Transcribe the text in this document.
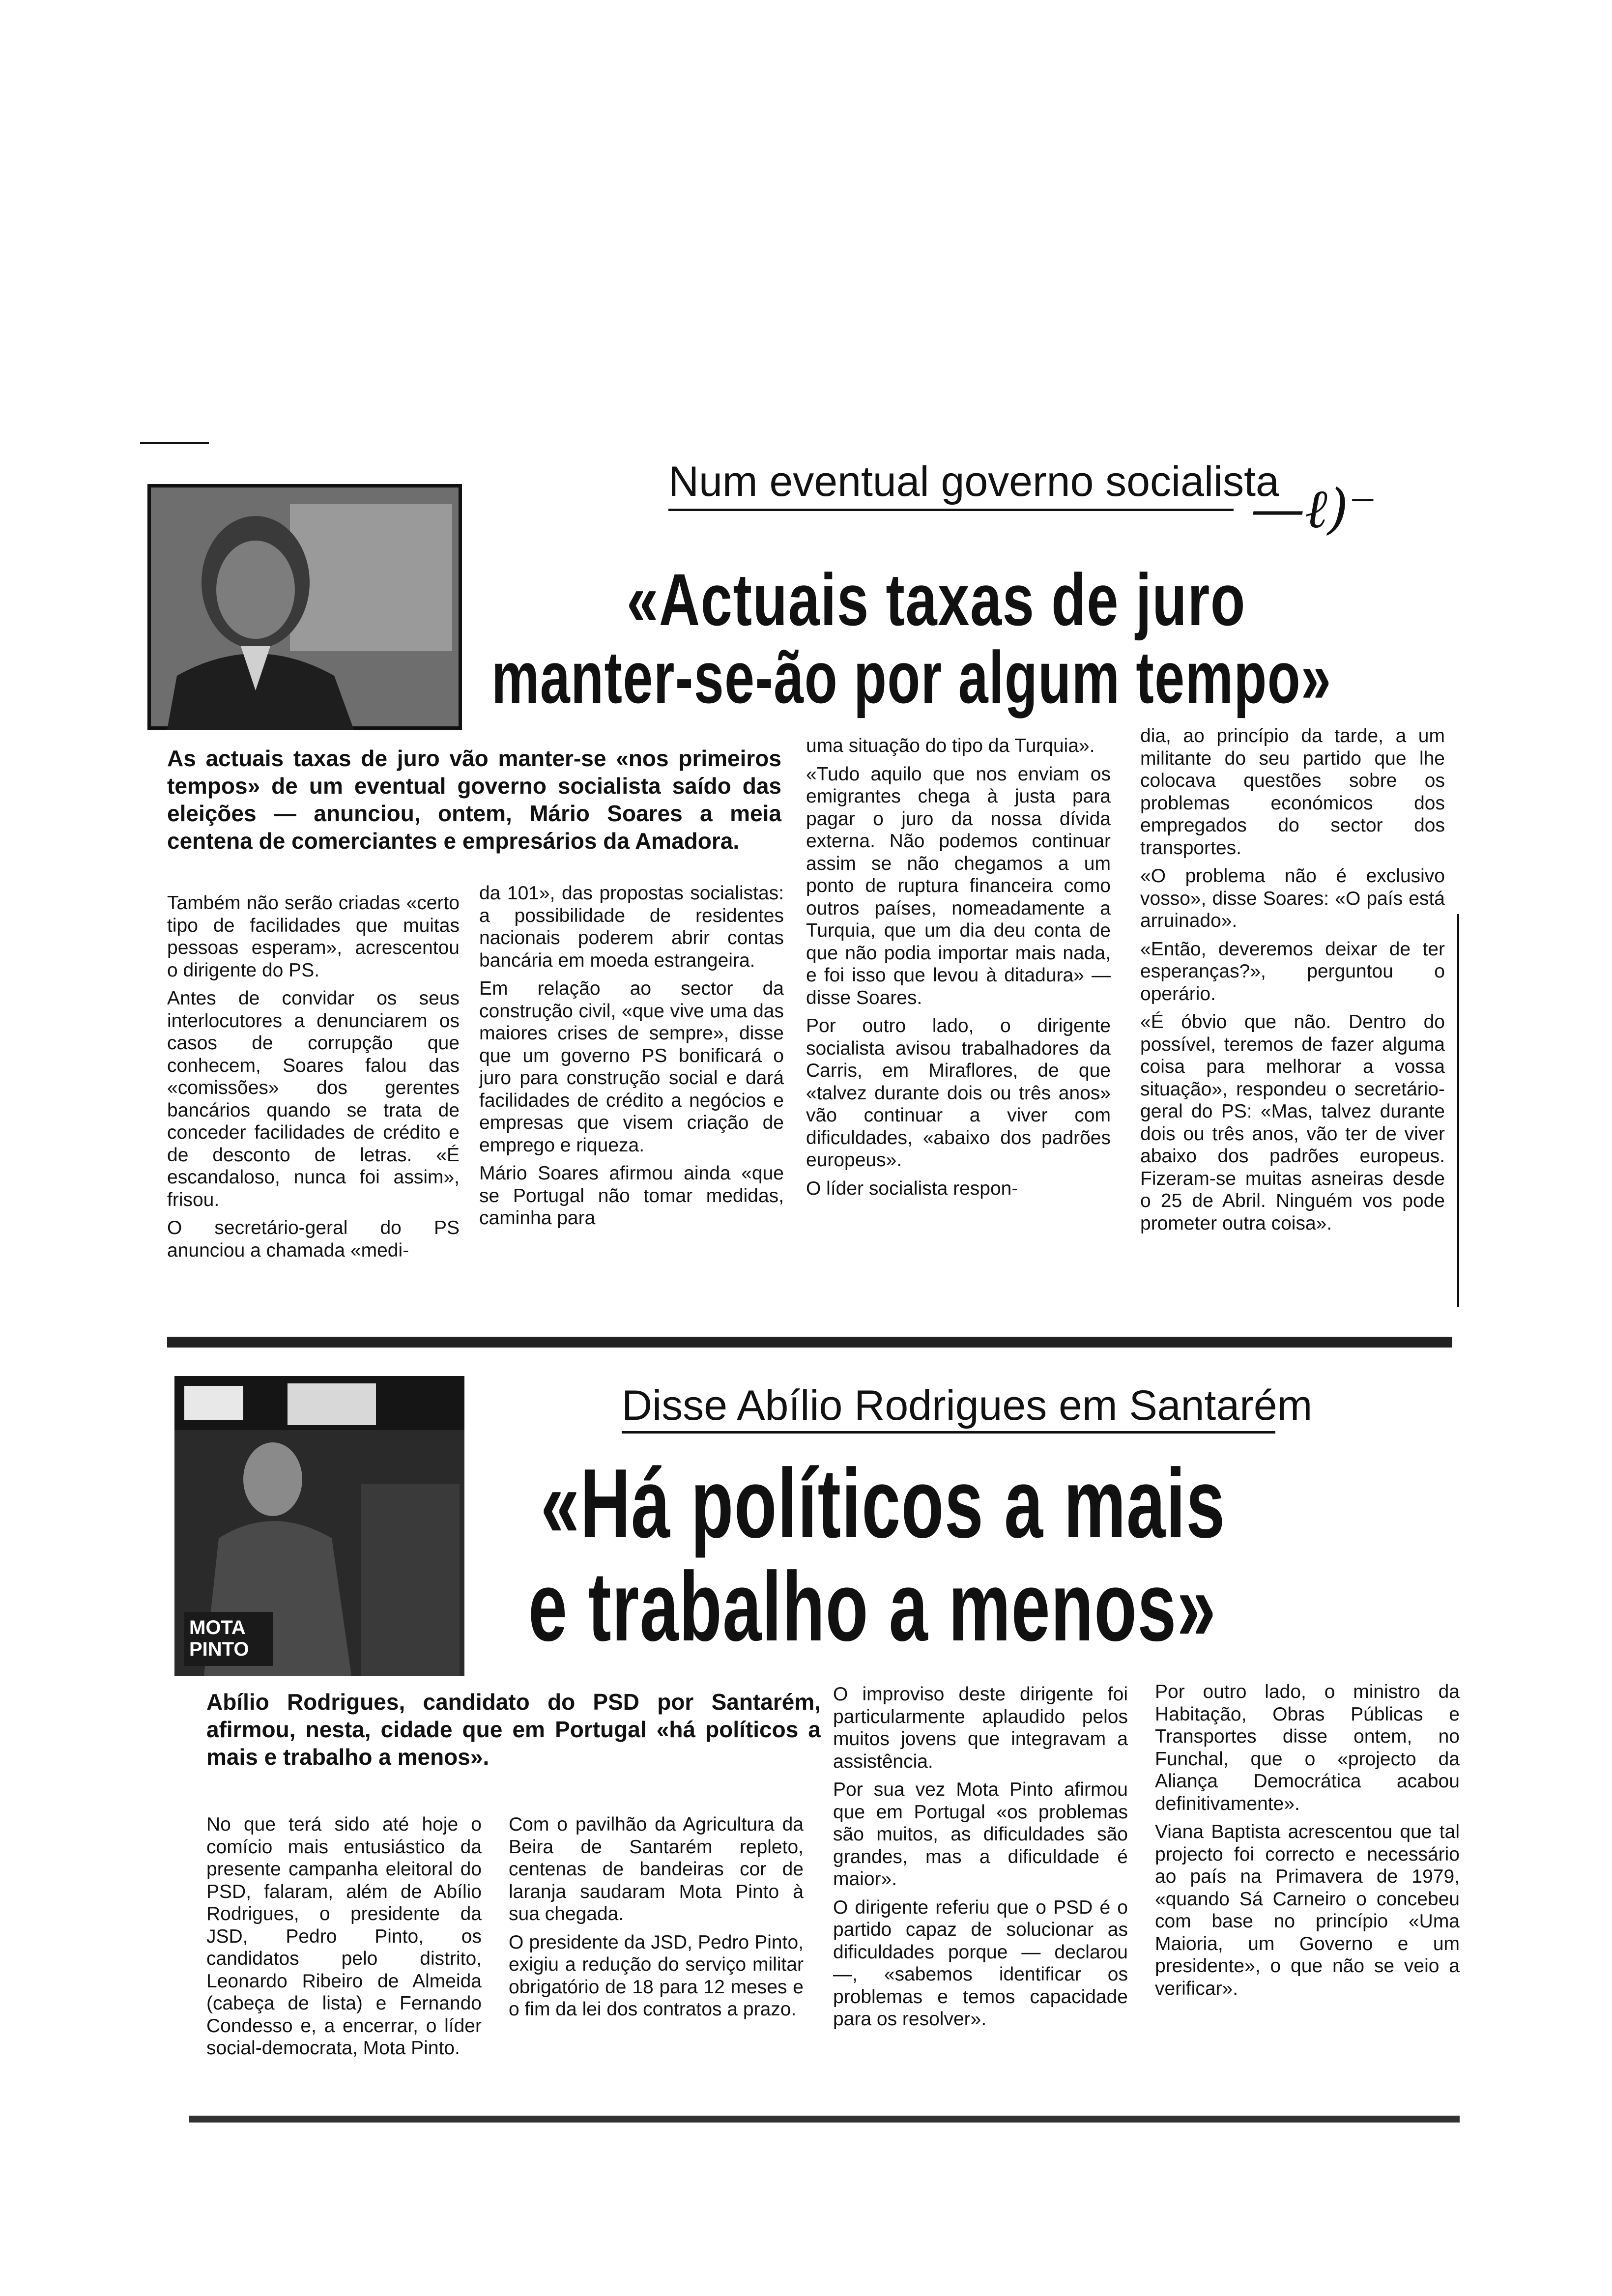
Num eventual governo socialista
—ℓ)⁻
«Actuais taxas de juro
manter-se-ão por algum tempo»
As actuais taxas de juro vão manter-se «nos primeiros tempos» de um eventual governo socialista saído das eleições — anunciou, ontem, Mário Soares a meia centena de comerciantes e empresários da Amadora.

Também não serão criadas «certo tipo de facilidades que muitas pessoas esperam», acrescentou o dirigente do PS.

Antes de convidar os seus interlocutores a denunciarem os casos de corrupção que conhecem, Soares falou das «comissões» dos gerentes bancários quando se trata de conceder facilidades de crédito e de desconto de letras. «É escandaloso, nunca foi assim», frisou.

O secretário-geral do PS anunciou a chamada «medi-

da 101», das propostas socialistas: a possibilidade de residentes nacionais poderem abrir contas bancária em moeda estrangeira.

Em relação ao sector da construção civil, «que vive uma das maiores crises de sempre», disse que um governo PS bonificará o juro para construção social e dará facilidades de crédito a negócios e empresas que visem criação de emprego e riqueza.

Mário Soares afirmou ainda «que se Portugal não tomar medidas, caminha para

uma situação do tipo da Turquia».

«Tudo aquilo que nos enviam os emigrantes chega à justa para pagar o juro da nossa dívida externa. Não podemos continuar assim se não chegamos a um ponto de ruptura financeira como outros países, nomeadamente a Turquia, que um dia deu conta de que não podia importar mais nada, e foi isso que levou à ditadura» — disse Soares.

Por outro lado, o dirigente socialista avisou trabalhadores da Carris, em Miraflores, de que «talvez durante dois ou três anos» vão continuar a viver com dificuldades, «abaixo dos padrões europeus».

O líder socialista respon-

dia, ao princípio da tarde, a um militante do seu partido que lhe colocava questões sobre os problemas económicos dos empregados do sector dos transportes.

«O problema não é exclusivo vosso», disse Soares: «O país está arruinado».

«Então, deveremos deixar de ter esperanças?», perguntou o operário.

«É óbvio que não. Dentro do possível, teremos de fazer alguma coisa para melhorar a vossa situação», respondeu o secretário-geral do PS: «Mas, talvez durante dois ou três anos, vão ter de viver abaixo dos padrões europeus. Fizeram-se muitas asneiras desde o 25 de Abril. Ninguém vos pode prometer outra coisa».

MOTA PINTO
Disse Abílio Rodrigues em Santarém
«Há políticos a mais
e trabalho a menos»
Abílio Rodrigues, candidato do PSD por Santarém, afirmou, nesta, cidade que em Portugal «há políticos a mais e trabalho a menos».

No que terá sido até hoje o comício mais entusiástico da presente campanha eleitoral do PSD, falaram, além de Abílio Rodrigues, o presidente da JSD, Pedro Pinto, os candidatos pelo distrito, Leonardo Ribeiro de Almeida (cabeça de lista) e Fernando Condesso e, a encerrar, o líder social-democrata, Mota Pinto.

Com o pavilhão da Agricultura da Beira de Santarém repleto, centenas de bandeiras cor de laranja saudaram Mota Pinto à sua chegada.

O presidente da JSD, Pedro Pinto, exigiu a redução do serviço militar obrigatório de 18 para 12 meses e o fim da lei dos contratos a prazo.

O improviso deste dirigente foi particularmente aplaudido pelos muitos jovens que integravam a assistência.

Por sua vez Mota Pinto afirmou que em Portugal «os problemas são muitos, as dificuldades são grandes, mas a dificuldade é maior».

O dirigente referiu que o PSD é o partido capaz de solucionar as dificuldades porque — declarou —, «sabemos identificar os problemas e temos capacidade para os resolver».

Por outro lado, o ministro da Habitação, Obras Públicas e Transportes disse ontem, no Funchal, que o «projecto da Aliança Democrática acabou definitivamente».

Viana Baptista acrescentou que tal projecto foi correcto e necessário ao país na Primavera de 1979, «quando Sá Carneiro o concebeu com base no princípio «Uma Maioria, um Governo e um presidente», o que não se veio a verificar».
